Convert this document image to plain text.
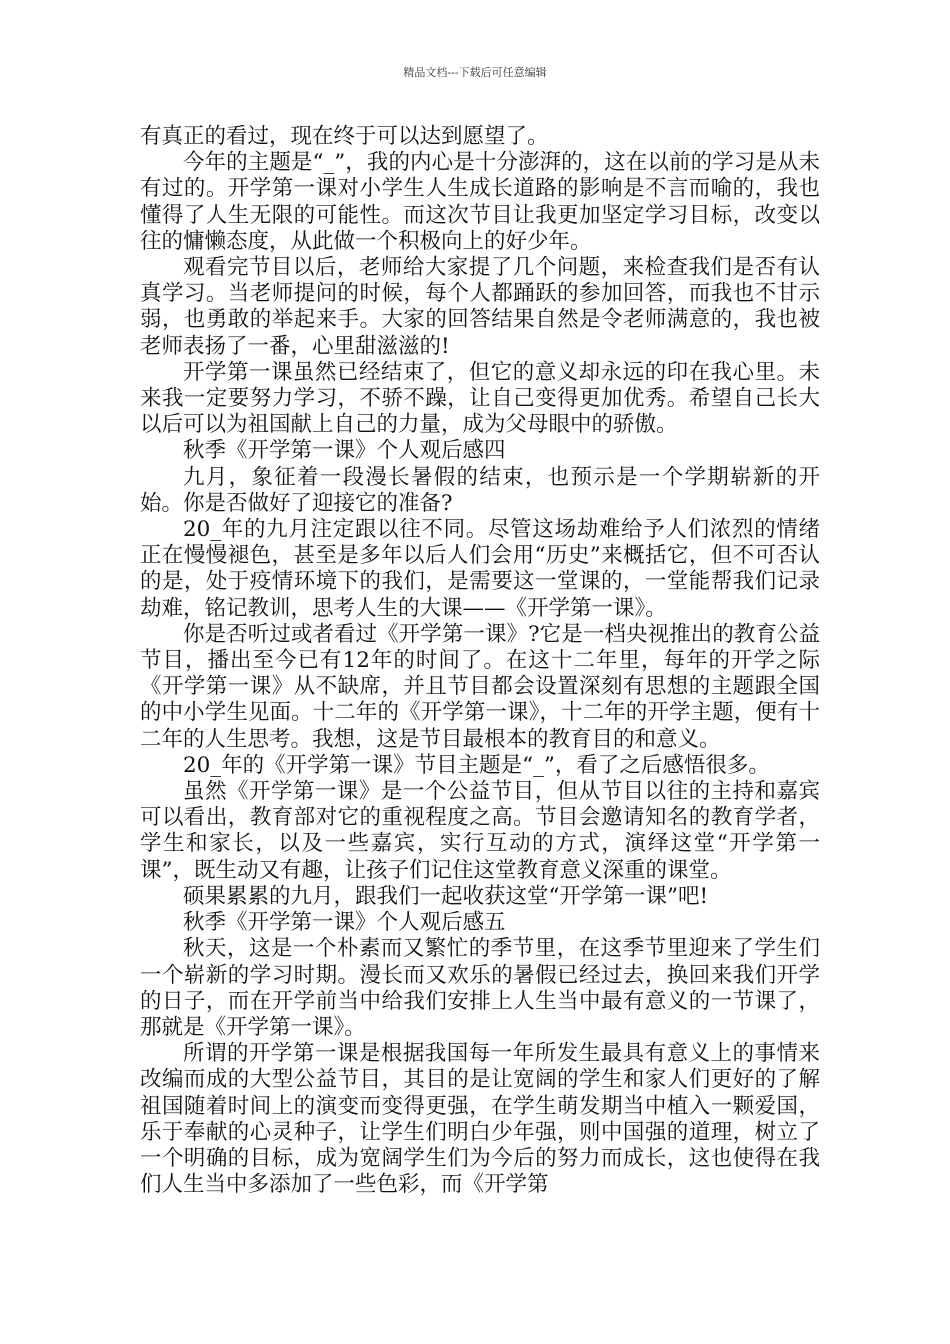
精品文档---下载后可任意编辑

有真正的看过，现在终于可以达到愿望了。

今年的主题是“_”，我的内心是十分澎湃的，这在以前的学习是从未有过的。开学第一课对小学生人生成长道路的影响是不言而喻的，我也懂得了人生无限的可能性。而这次节目让我更加坚定学习目标，改变以往的慵懒态度，从此做一个积极向上的好少年。

观看完节目以后，老师给大家提了几个问题，来检查我们是否有认真学习。当老师提问的时候，每个人都踊跃的参加回答，而我也不甘示弱，也勇敢的举起来手。大家的回答结果自然是令老师满意的，我也被老师表扬了一番，心里甜滋滋的!

开学第一课虽然已经结束了，但它的意义却永远的印在我心里。未来我一定要努力学习，不骄不躁，让自己变得更加优秀。希望自己长大以后可以为祖国献上自己的力量，成为父母眼中的骄傲。

秋季《开学第一课》个人观后感四

九月，象征着一段漫长暑假的结束，也预示是一个学期崭新的开始。你是否做好了迎接它的准备?

20_年的九月注定跟以往不同。尽管这场劫难给予人们浓烈的情绪正在慢慢褪色，甚至是多年以后人们会用“历史”来概括它，但不可否认的是，处于疫情环境下的我们，是需要这一堂课的，一堂能帮我们记录劫难，铭记教训，思考人生的大课——《开学第一课》。

你是否听过或者看过《开学第一课》?它是一档央视推出的教育公益节目，播出至今已有12年的时间了。在这十二年里，每年的开学之际《开学第一课》从不缺席，并且节目都会设置深刻有思想的主题跟全国的中小学生见面。十二年的《开学第一课》，十二年的开学主题，便有十二年的人生思考。我想，这是节目最根本的教育目的和意义。

20_年的《开学第一课》节目主题是“_”，看了之后感悟很多。

虽然《开学第一课》是一个公益节目，但从节目以往的主持和嘉宾可以看出，教育部对它的重视程度之高。节目会邀请知名的教育学者，学生和家长，以及一些嘉宾，实行互动的方式，演绎这堂“开学第一课”，既生动又有趣，让孩子们记住这堂教育意义深重的课堂。

硕果累累的九月，跟我们一起收获这堂“开学第一课”吧!

秋季《开学第一课》个人观后感五

秋天，这是一个朴素而又繁忙的季节里，在这季节里迎来了学生们一个崭新的学习时期。漫长而又欢乐的暑假已经过去，换回来我们开学的日子，而在开学前当中给我们安排上人生当中最有意义的一节课了，那就是《开学第一课》。

所谓的开学第一课是根据我国每一年所发生最具有意义上的事情来改编而成的大型公益节目，其目的是让宽阔的学生和家人们更好的了解祖国随着时间上的演变而变得更强，在学生萌发期当中植入一颗爱国，乐于奉献的心灵种子，让学生们明白少年强，则中国强的道理，树立了一个明确的目标，成为宽阔学生们为今后的努力而成长，这也使得在我们人生当中多添加了一些色彩，而《开学第
